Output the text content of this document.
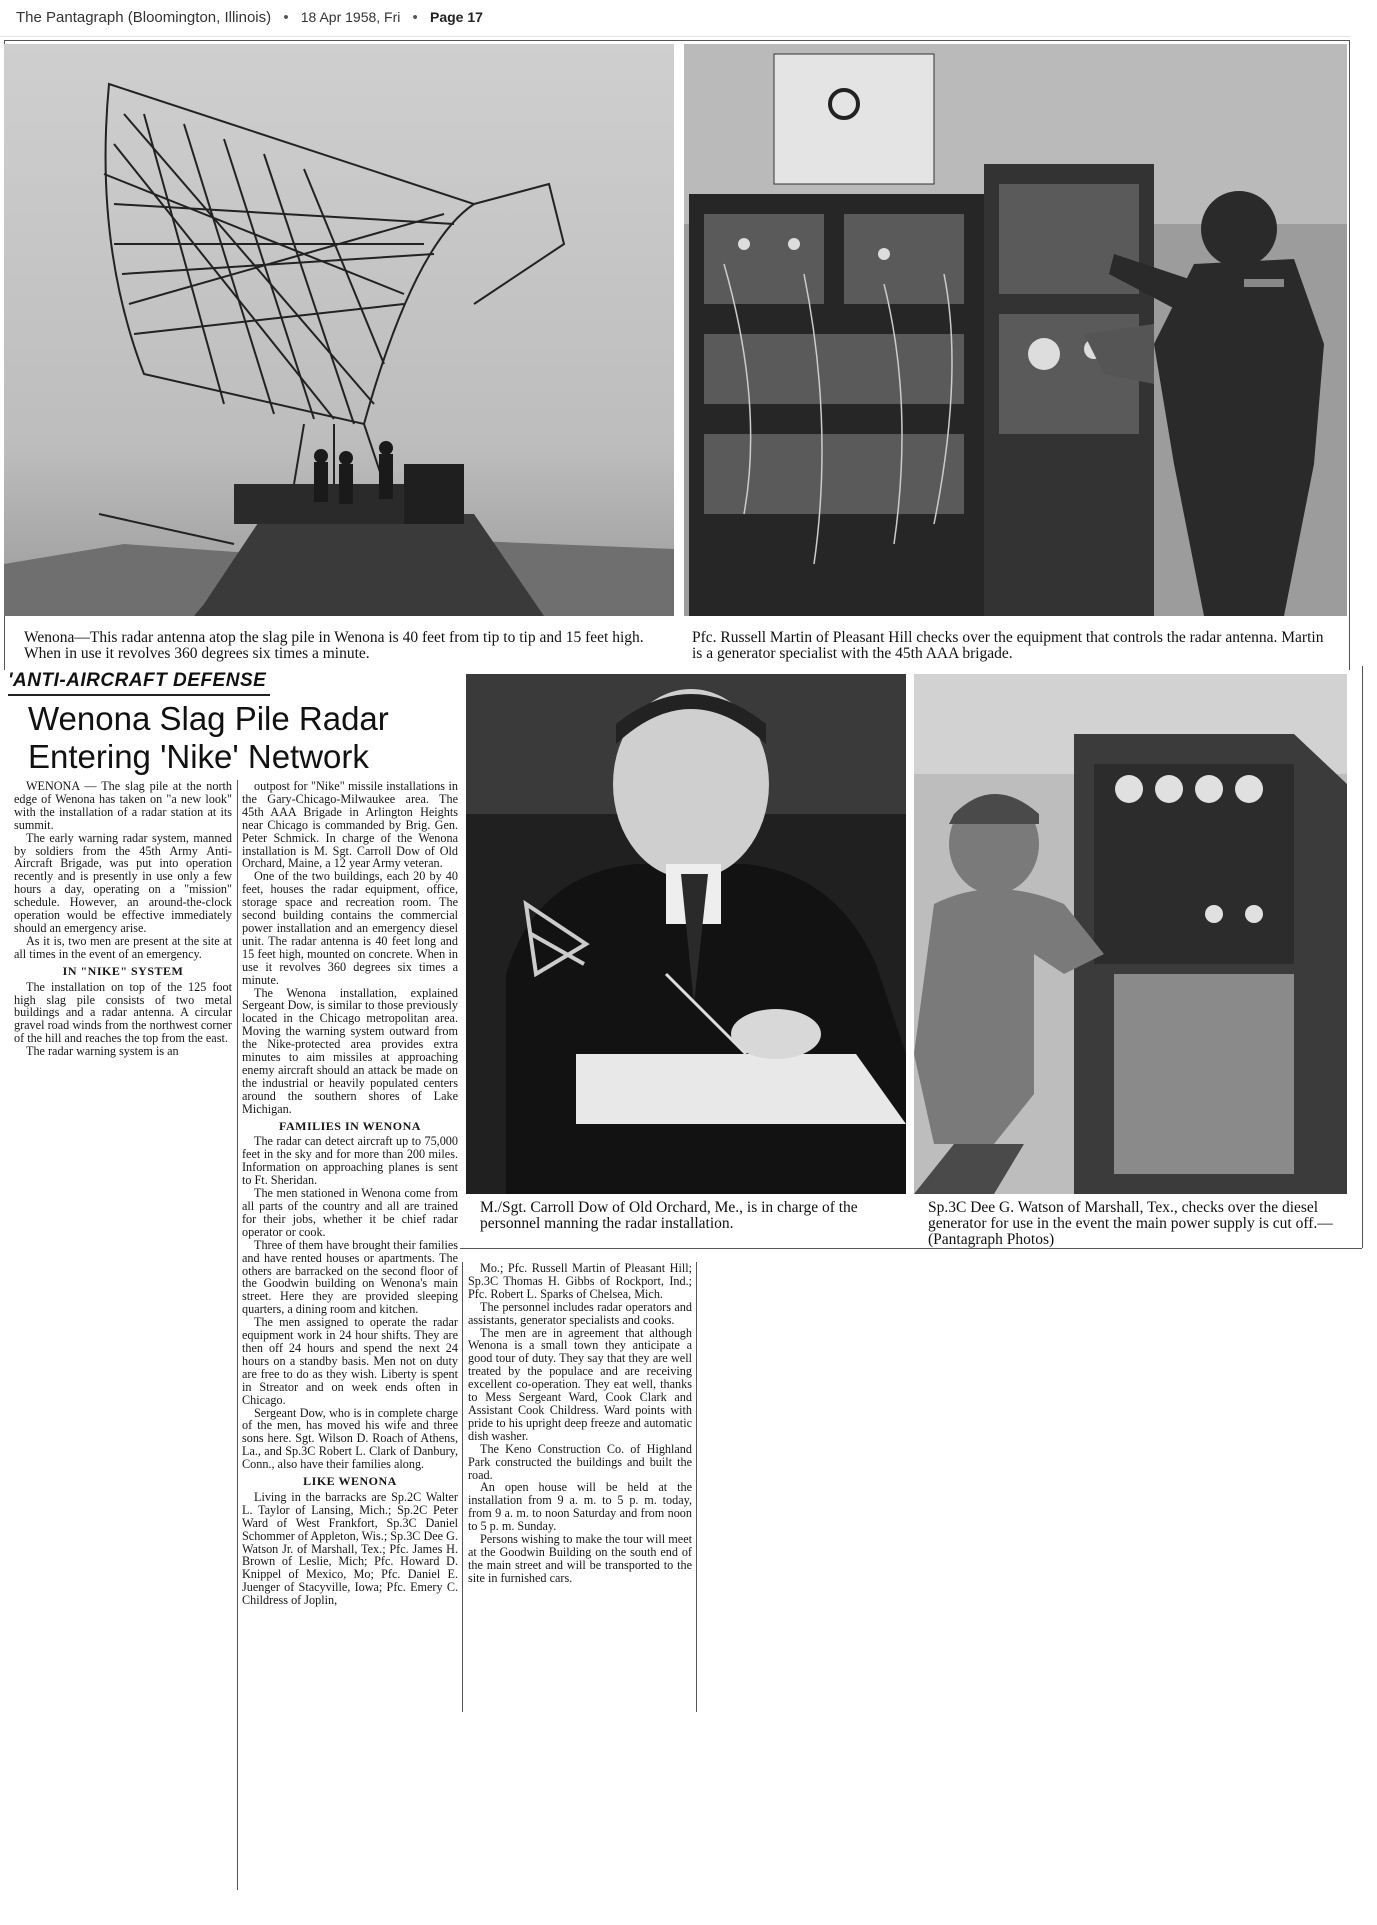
The Pantagraph (Bloomington, Illinois) • 18 Apr 1958, Fri • Page 17
Wenona—This radar antenna atop the slag pile in Wenona is 40 feet from tip to tip and 15 feet high. When in use it revolves 360 degrees six times a minute.
Pfc. Russell Martin of Pleasant Hill checks over the equipment that controls the radar antenna. Martin is a generator specialist with the 45th AAA brigade.
'ANTI-AIRCRAFT DEFENSE
Wenona Slag Pile Radar
Entering 'Nike' Network
M./Sgt. Carroll Dow of Old Orchard, Me., is in charge of the personnel manning the radar installation.
Sp.3C Dee G. Watson of Marshall, Tex., checks over the diesel generator for use in the event the main power supply is cut off.—(Pantagraph Photos)

WENONA — The slag pile at the north edge of Wenona has taken on "a new look" with the installation of a radar station at its summit.

The early warning radar system, manned by soldiers from the 45th Army Anti-Aircraft Brigade, was put into operation recently and is presently in use only a few hours a day, operating on a "mission" schedule. However, an around-the-clock operation would be effective immediately should an emergency arise.

As it is, two men are present at the site at all times in the event of an emergency.

IN "NIKE" SYSTEM

The installation on top of the 125 foot high slag pile consists of two metal buildings and a radar antenna. A circular gravel road winds from the northwest corner of the hill and reaches the top from the east.

The radar warning system is an

outpost for "Nike" missile installations in the Gary-Chicago-Milwaukee area. The 45th AAA Brigade in Arlington Heights near Chicago is commanded by Brig. Gen. Peter Schmick. In charge of the Wenona installation is M. Sgt. Carroll Dow of Old Orchard, Maine, a 12 year Army veteran.

One of the two buildings, each 20 by 40 feet, houses the radar equipment, office, storage space and recreation room. The second building contains the commercial power installation and an emergency diesel unit. The radar antenna is 40 feet long and 15 feet high, mounted on concrete. When in use it revolves 360 degrees six times a minute.

The Wenona installation, explained Sergeant Dow, is similar to those previously located in the Chicago metropolitan area. Moving the warning system outward from the Nike-protected area provides extra minutes to aim missiles at approaching enemy aircraft should an attack be made on the industrial or heavily populated centers around the southern shores of Lake Michigan.

FAMILIES IN WENONA

The radar can detect aircraft up to 75,000 feet in the sky and for more than 200 miles. Information on approaching planes is sent to Ft. Sheridan.

The men stationed in Wenona come from all parts of the country and all are trained for their jobs, whether it be chief radar operator or cook.

Three of them have brought their families and have rented houses or apartments. The others are barracked on the second floor of the Goodwin building on Wenona's main street. Here they are provided sleeping quarters, a dining room and kitchen.

The men assigned to operate the radar equipment work in 24 hour shifts. They are then off 24 hours and spend the next 24 hours on a standby basis. Men not on duty are free to do as they wish. Liberty is spent in Streator and on week ends often in Chicago.

Sergeant Dow, who is in complete charge of the men, has moved his wife and three sons here. Sgt. Wilson D. Roach of Athens, La., and Sp.3C Robert L. Clark of Danbury, Conn., also have their families along.

LIKE WENONA

Living in the barracks are Sp.2C Walter L. Taylor of Lansing, Mich.; Sp.2C Peter Ward of West Frankfort, Sp.3C Daniel Schommer of Appleton, Wis.; Sp.3C Dee G. Watson Jr. of Marshall, Tex.; Pfc. James H. Brown of Leslie, Mich; Pfc. Howard D. Knippel of Mexico, Mo; Pfc. Daniel E. Juenger of Stacyville, Iowa; Pfc. Emery C. Childress of Joplin,

Mo.; Pfc. Russell Martin of Pleasant Hill; Sp.3C Thomas H. Gibbs of Rockport, Ind.; Pfc. Robert L. Sparks of Chelsea, Mich.

The personnel includes radar operators and assistants, generator specialists and cooks.

The men are in agreement that although Wenona is a small town they anticipate a good tour of duty. They say that they are well treated by the populace and are receiving excellent co-operation. They eat well, thanks to Mess Sergeant Ward, Cook Clark and Assistant Cook Childress. Ward points with pride to his upright deep freeze and automatic dish washer.

The Keno Construction Co. of Highland Park constructed the buildings and built the road.

An open house will be held at the installation from 9 a. m. to 5 p. m. today, from 9 a. m. to noon Saturday and from noon to 5 p. m. Sunday.

Persons wishing to make the tour will meet at the Goodwin Building on the south end of the main street and will be transported to the site in furnished cars.
